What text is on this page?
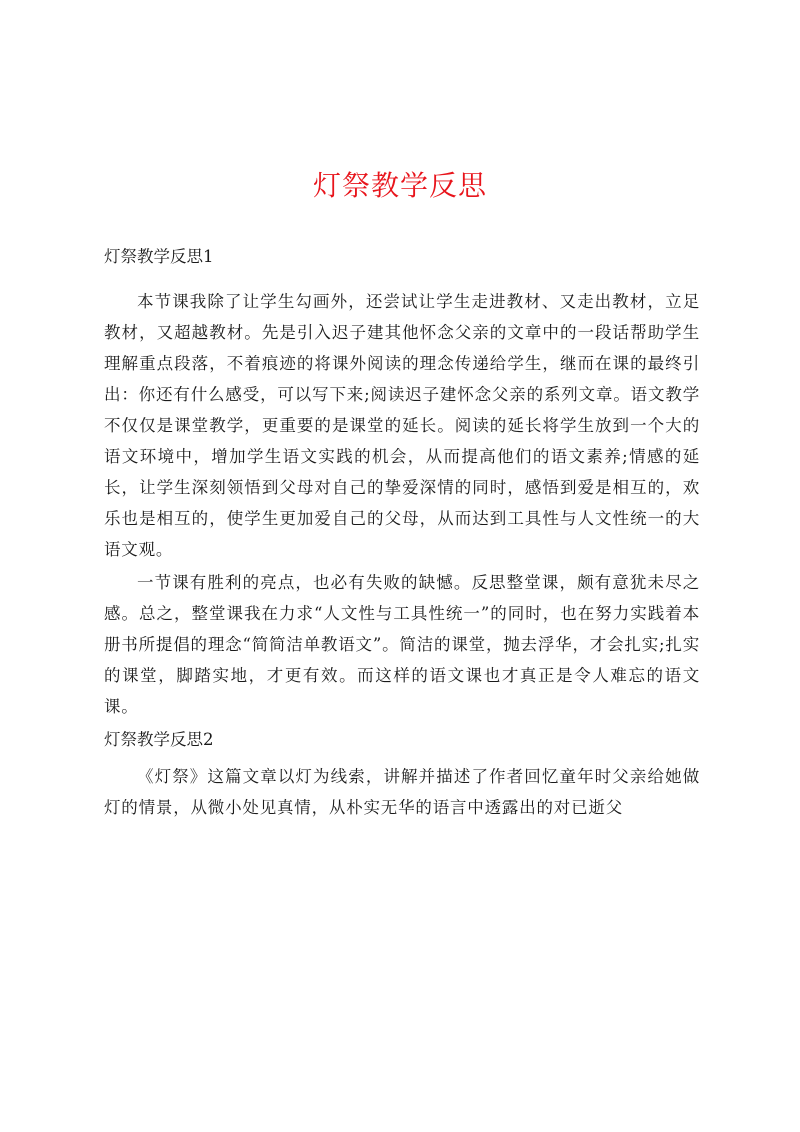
灯祭教学反思

灯祭教学反思1

本节课我除了让学生勾画外，还尝试让学生走进教材、又走出教材，立足教材，又超越教材。先是引入迟子建其他怀念父亲的文章中的一段话帮助学生理解重点段落，不着痕迹的将课外阅读的理念传递给学生，继而在课的最终引出：你还有什么感受，可以写下来;阅读迟子建怀念父亲的系列文章。语文教学不仅仅是课堂教学，更重要的是课堂的延长。阅读的延长将学生放到一个大的语文环境中，增加学生语文实践的机会，从而提高他们的语文素养;情感的延长，让学生深刻领悟到父母对自己的挚爱深情的同时，感悟到爱是相互的，欢乐也是相互的，使学生更加爱自己的父母，从而达到工具性与人文性统一的大语文观。

一节课有胜利的亮点，也必有失败的缺憾。反思整堂课，颇有意犹未尽之感。总之，整堂课我在力求“人文性与工具性统一”的同时，也在努力实践着本册书所提倡的理念“简简洁单教语文”。简洁的课堂，抛去浮华，才会扎实;扎实的课堂，脚踏实地，才更有效。而这样的语文课也才真正是令人难忘的语文课。

灯祭教学反思2

《灯祭》这篇文章以灯为线索，讲解并描述了作者回忆童年时父亲给她做灯的情景，从微小处见真情，从朴实无华的语言中透露出的对已逝父
